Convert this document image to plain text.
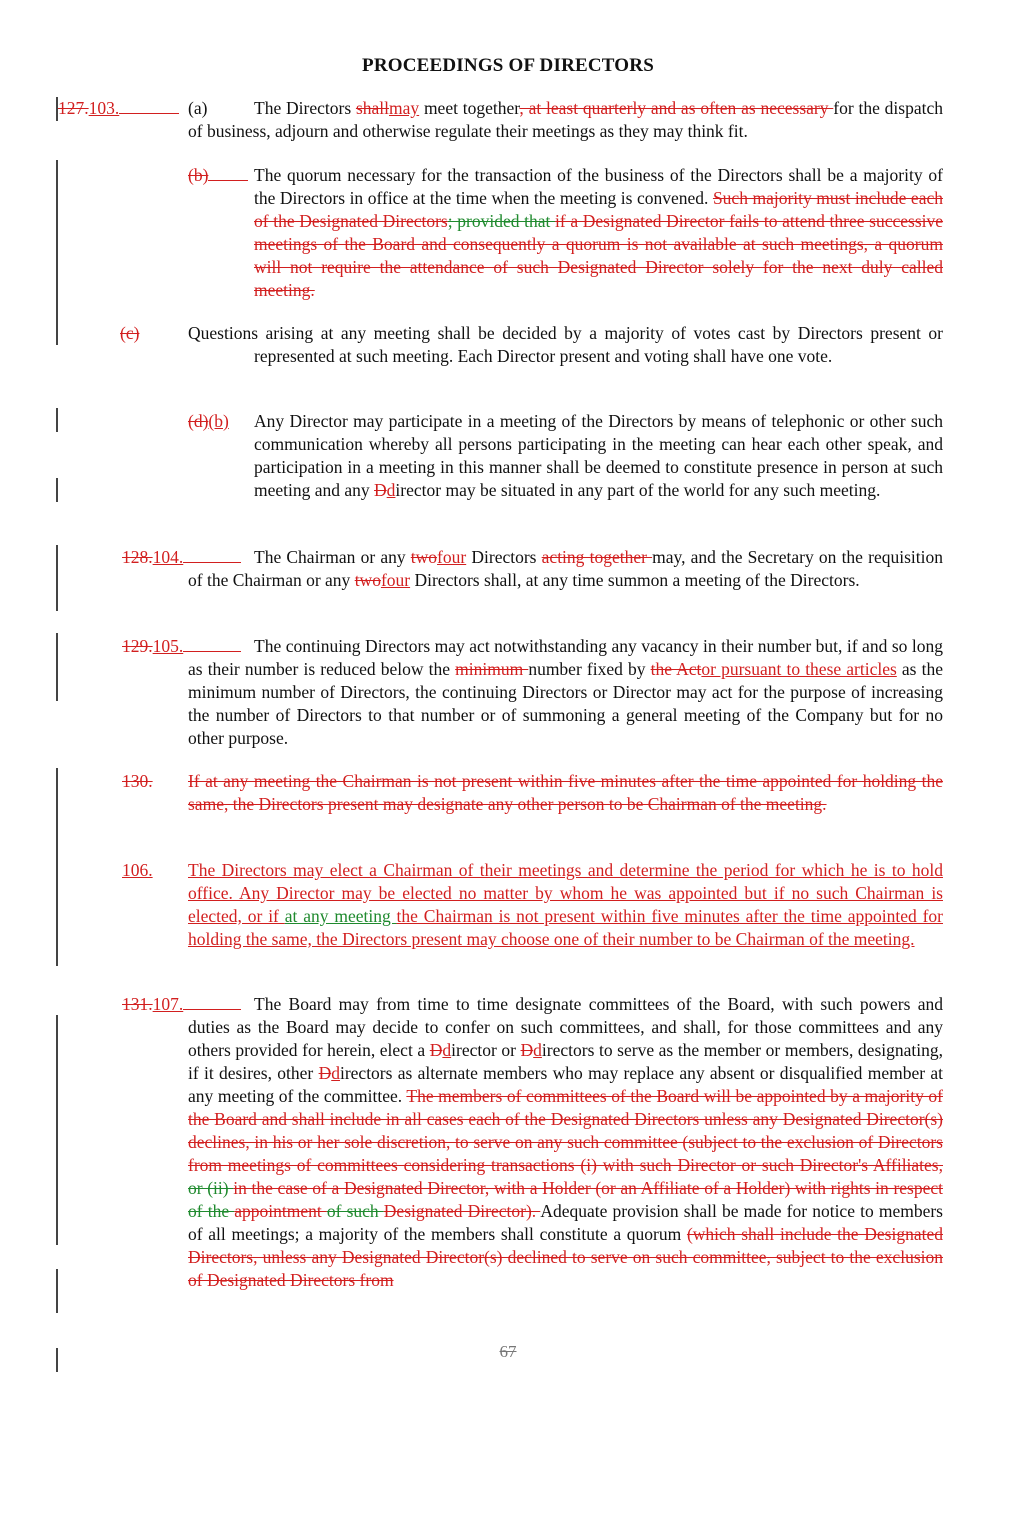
PROCEEDINGS OF DIRECTORS
127.103.	(a)	The Directors shallmay meet together, at least quarterly and as often as necessary for the dispatch of business, adjourn and otherwise regulate their meetings as they may think fit.
(b)	The quorum necessary for the transaction of the business of the Directors shall be a majority of the Directors in office at the time when the meeting is convened. Such majority must include each of the Designated Directors; provided that if a Designated Director fails to attend three successive meetings of the Board and consequently a quorum is not available at such meetings, a quorum will not require the attendance of such Designated Director solely for the next duly called meeting.
(c)	Questions arising at any meeting shall be decided by a majority of votes cast by Directors present or represented at such meeting. Each Director present and voting shall have one vote.
(d)(b) Any Director may participate in a meeting of the Directors by means of telephonic or other such communication whereby all persons participating in the meeting can hear each other speak, and participation in a meeting in this manner shall be deemed to constitute presence in person at such meeting and any Ddirector may be situated in any part of the world for any such meeting.
128.104.	The Chairman or any twofour Directors acting together may, and the Secretary on the requisition of the Chairman or any twofour Directors shall, at any time summon a meeting of the Directors.
129.105.	The continuing Directors may act notwithstanding any vacancy in their number but, if and so long as their number is reduced below the minimum number fixed by the Actor pursuant to these articles as the minimum number of Directors, the continuing Directors or Director may act for the purpose of increasing the number of Directors to that number or of summoning a general meeting of the Company but for no other purpose.
130. If at any meeting the Chairman is not present within five minutes after the time appointed for holding the same, the Directors present may designate any other person to be Chairman of the meeting.
106. The Directors may elect a Chairman of their meetings and determine the period for which he is to hold office. Any Director may be elected no matter by whom he was appointed but if no such Chairman is elected, or if at any meeting the Chairman is not present within five minutes after the time appointed for holding the same, the Directors present may choose one of their number to be Chairman of the meeting.
131.107.	The Board may from time to time designate committees of the Board, with such powers and duties as the Board may decide to confer on such committees, and shall, for those committees and any others provided for herein, elect a Ddirector or Ddirectors to serve as the member or members, designating, if it desires, other Ddirectors as alternate members who may replace any absent or disqualified member at any meeting of the committee. The members of committees of the Board will be appointed by a majority of the Board and shall include in all cases each of the Designated Directors unless any Designated Director(s) declines, in his or her sole discretion, to serve on any such committee (subject to the exclusion of Directors from meetings of committees considering transactions (i) with such Director or such Director's Affiliates, or (ii) in the case of a Designated Director, with a Holder (or an Affiliate of a Holder) with rights in respect of the appointment of such Designated Director). Adequate provision shall be made for notice to members of all meetings; a majority of the members shall constitute a quorum (which shall include the Designated Directors, unless any Designated Director(s) declined to serve on such committee, subject to the exclusion of Designated Directors from
67
